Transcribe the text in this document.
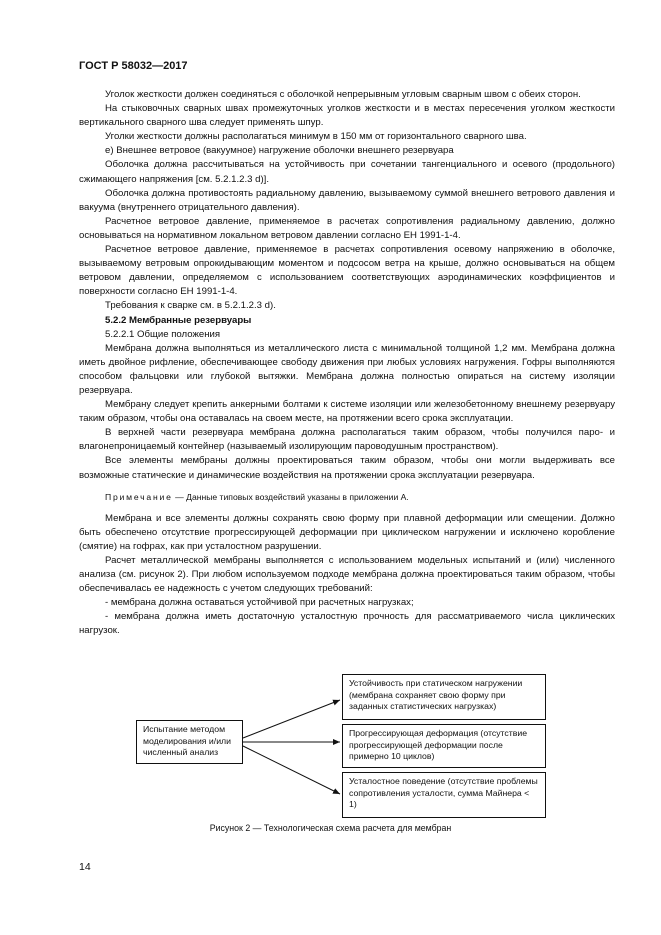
ГОСТ Р 58032—2017

Уголок жесткости должен соединяться с оболочкой непрерывным угловым сварным швом с обеих сторон.

На стыковочных сварных швах промежуточных уголков жесткости и в местах пересечения уголком жесткости вертикального сварного шва следует применять шпур.

Уголки жесткости должны располагаться минимум в 150 мм от горизонтального сварного шва.

е) Внешнее ветровое (вакуумное) нагружение оболочки внешнего резервуара

Оболочка должна рассчитываться на устойчивость при сочетании тангенциального и осевого (продольного) сжимающего напряжения [см. 5.2.1.2.3 d)].

Оболочка должна противостоять радиальному давлению, вызываемому суммой внешнего ветрового давления и вакуума (внутреннего отрицательного давления).

Расчетное ветровое давление, применяемое в расчетах сопротивления радиальному давлению, должно основываться на нормативном локальном ветровом давлении согласно ЕН 1991-1-4.

Расчетное ветровое давление, применяемое в расчетах сопротивления осевому напряжению в оболочке, вызываемому ветровым опрокидывающим моментом и подсосом ветра на крыше, должно основываться на общем ветровом давлении, определяемом с использованием соответствующих аэродинамических коэффициентов и поверхности согласно ЕН 1991-1-4.

Требования к сварке см. в 5.2.1.2.3 d).

5.2.2 Мембранные резервуары

5.2.2.1 Общие положения

Мембрана должна выполняться из металлического листа с минимальной толщиной 1,2 мм. Мембрана должна иметь двойное рифление, обеспечивающее свободу движения при любых условиях нагружения. Гофры выполняются способом фальцовки или глубокой вытяжки. Мембрана должна полностью опираться на систему изоляции резервуара.

Мембрану следует крепить анкерными болтами к системе изоляции или железобетонному внешнему резервуару таким образом, чтобы она оставалась на своем месте, на протяжении всего срока эксплуатации.

В верхней части резервуара мембрана должна располагаться таким образом, чтобы получился паро- и влагонепроницаемый контейнер (называемый изолирующим пароводушным пространством).

Все элементы мембраны должны проектироваться таким образом, чтобы они могли выдерживать все возможные статические и динамические воздействия на протяжении срока эксплуатации резервуара.

Примечание — Данные типовых воздействий указаны в приложении А.

Мембрана и все элементы должны сохранять свою форму при плавной деформации или смещении. Должно быть обеспечено отсутствие прогрессирующей деформации при циклическом нагружении и исключено коробление (смятие) на гофрах, как при усталостном разрушении.

Расчет металлической мембраны выполняется с использованием модельных испытаний и (или) численного анализа (см. рисунок 2). При любом используемом подходе мембрана должна проектироваться таким образом, чтобы обеспечивалась ее надежность с учетом следующих требований:

- мембрана должна оставаться устойчивой при расчетных нагрузках;

- мембрана должна иметь достаточную усталостную прочность для рассматриваемого числа циклических нагрузок.

Испытание методом моделирования и/или численный анализ
Устойчивость при статическом нагружении (мембрана сохраняет свою форму при заданных статистических нагрузках)
Прогрессирующая деформация (отсутствие прогрессирующей деформации после примерно 10 циклов)
Усталостное поведение (отсутствие проблемы сопротивления усталости, сумма Майнера < 1)
Рисунок 2 — Технологическая схема расчета для мембран
14
